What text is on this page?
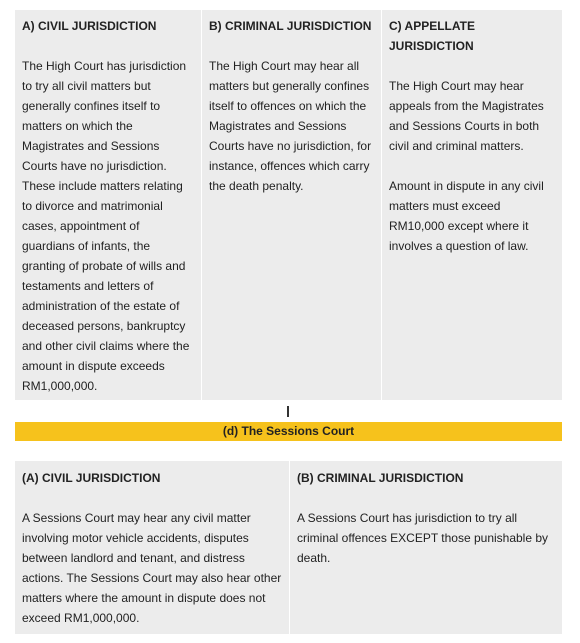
A) CIVIL JURISDICTION

The High Court has jurisdiction to try all civil matters but generally confines itself to matters on which the Magistrates and Sessions Courts have no jurisdiction. These include matters relating to divorce and matrimonial cases, appointment of guardians of infants, the granting of probate of wills and testaments and letters of administration of the estate of deceased persons, bankruptcy and other civil claims where the amount in dispute exceeds RM1,000,000.

B) CRIMINAL JURISDICTION

The High Court may hear all matters but generally confines itself to offences on which the Magistrates and Sessions Courts have no jurisdiction, for instance, offences which carry the death penalty.

C) APPELLATE JURISDICTION

The High Court may hear appeals from the Magistrates and Sessions Courts in both civil and criminal matters.

Amount in dispute in any civil matters must exceed RM10,000 except where it involves a question of law.

(d) The Sessions Court
(A) CIVIL JURISDICTION

A Sessions Court may hear any civil matter involving motor vehicle accidents, disputes between landlord and tenant, and distress actions. The Sessions Court may also hear other matters where the amount in dispute does not exceed RM1,000,000.

(B) CRIMINAL JURISDICTION

A Sessions Court has jurisdiction to try all criminal offences EXCEPT those punishable by death.
